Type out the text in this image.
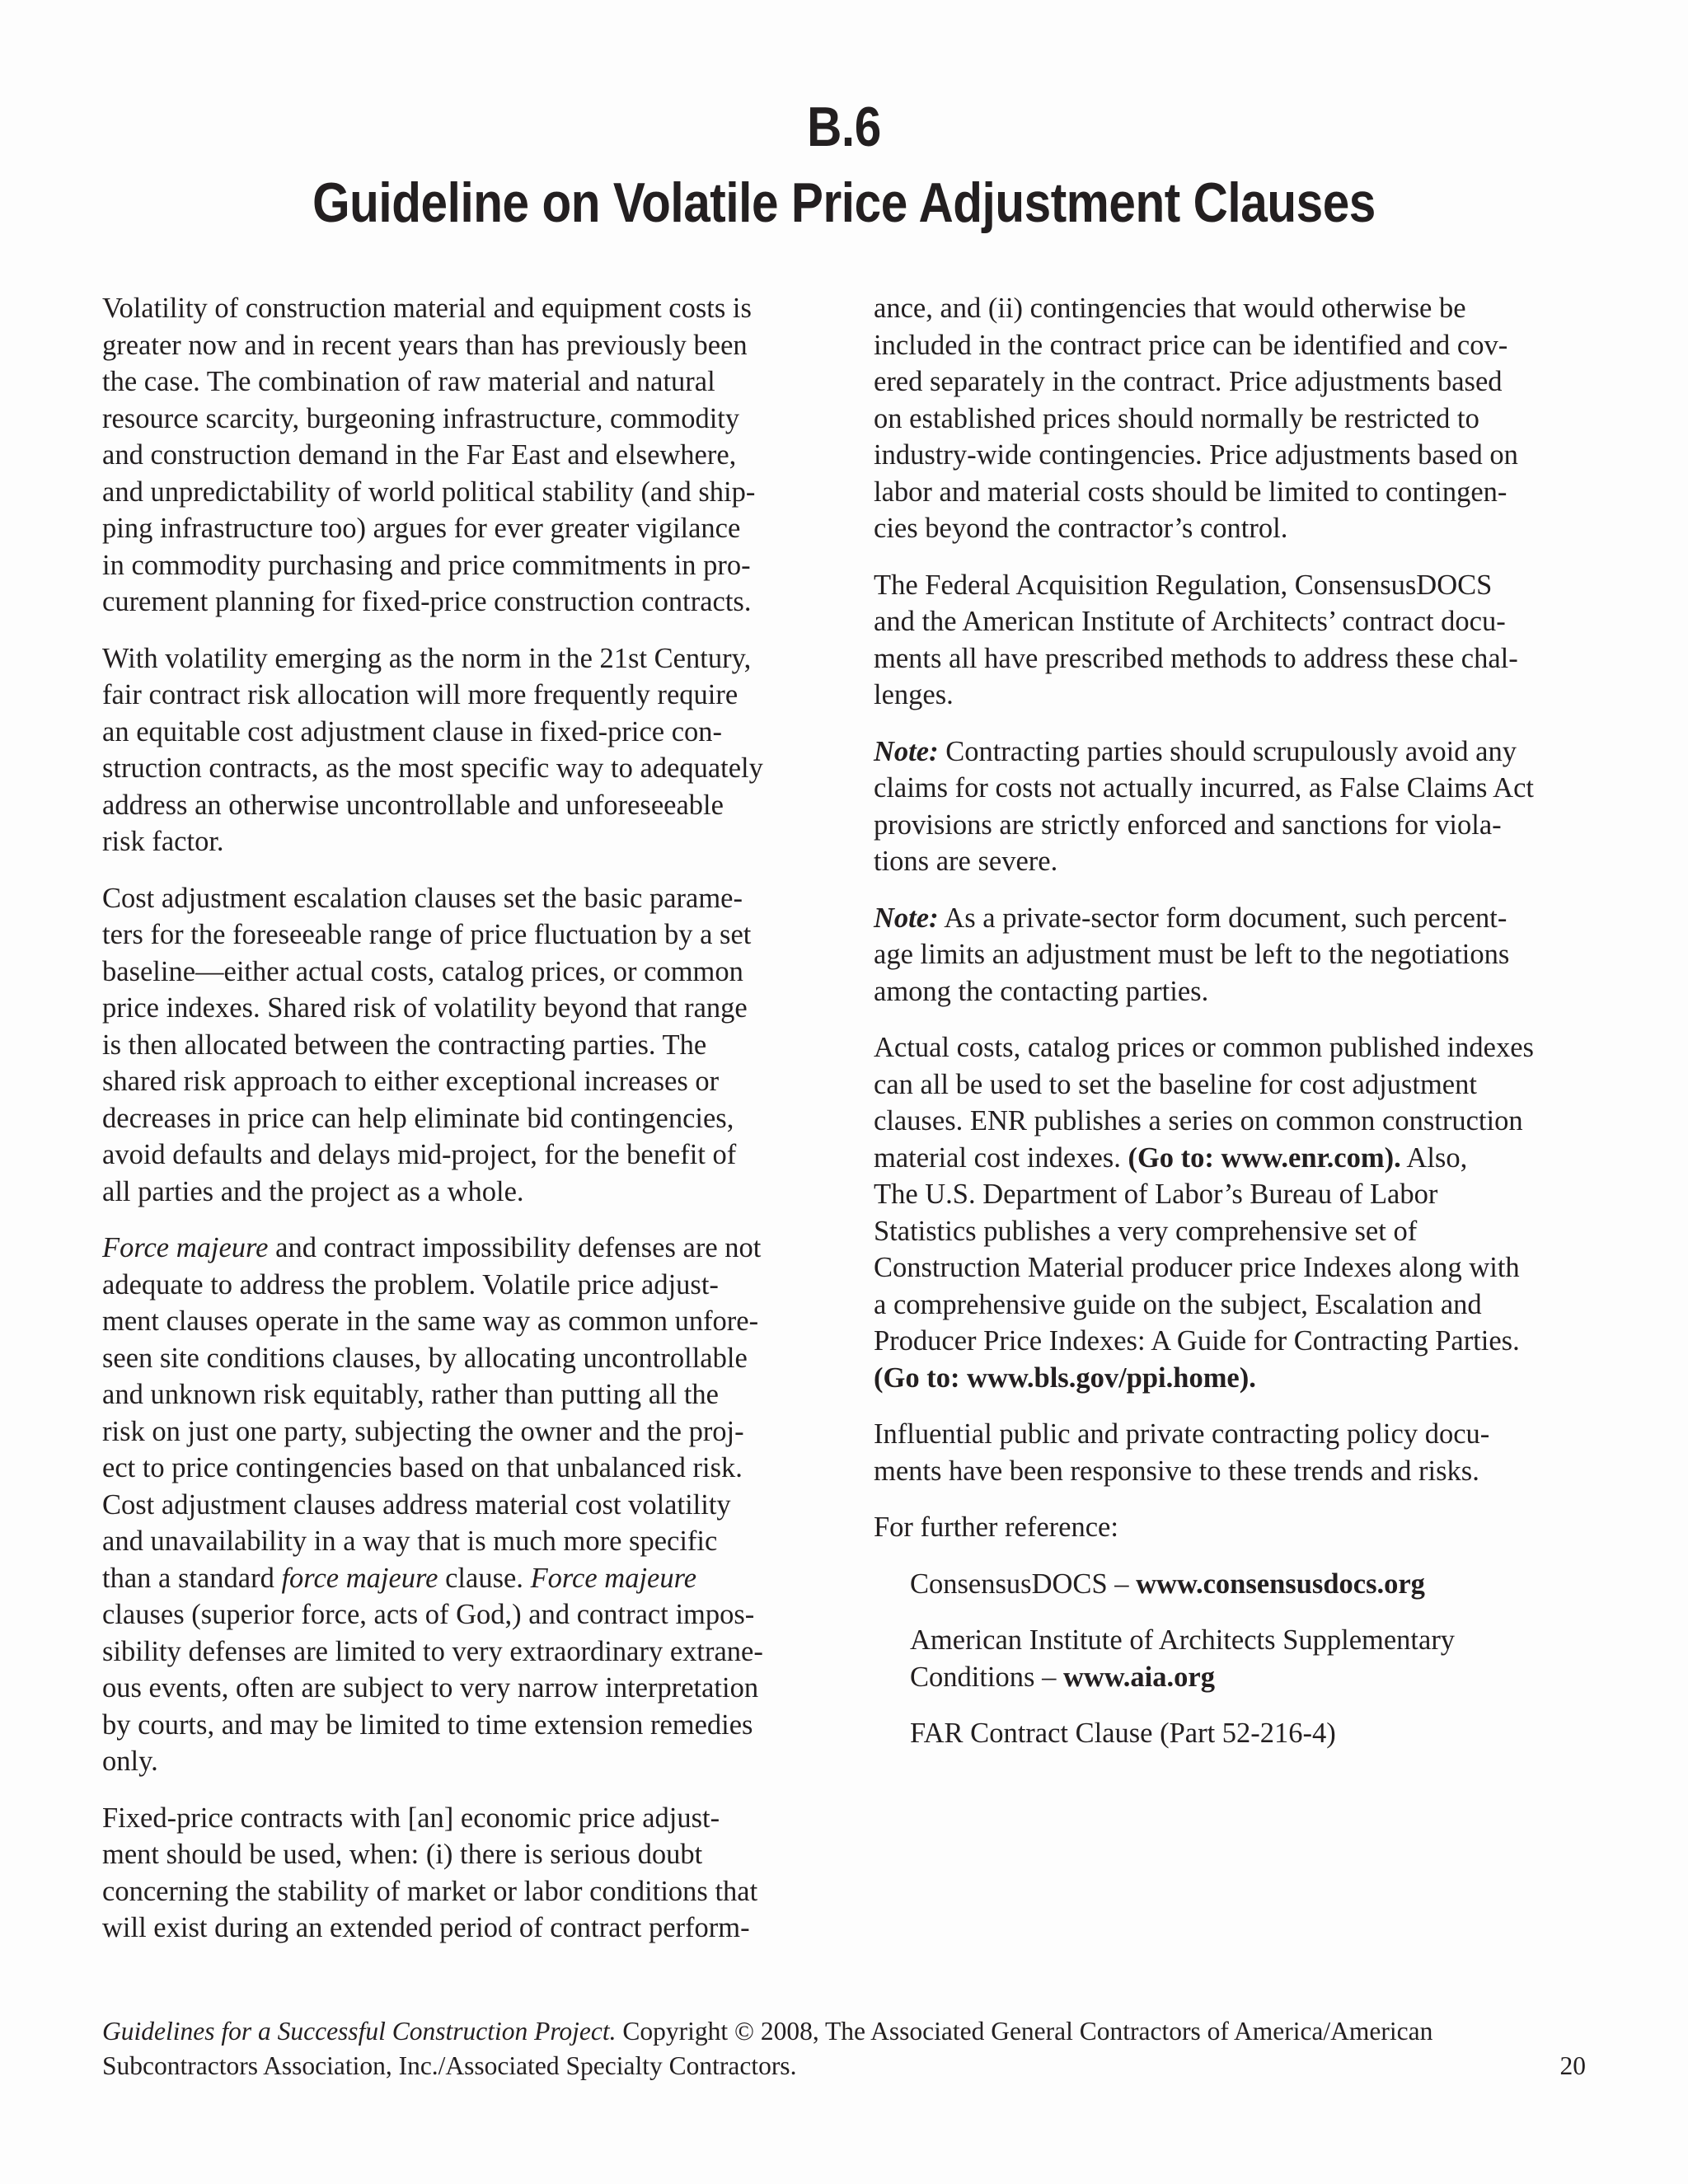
B.6
Guideline on Volatile Price Adjustment Clauses

Volatility of construction material and equipment costs is
greater now and in recent years than has previously been
the case. The combination of raw material and natural
resource scarcity, burgeoning infrastructure, commodity
and construction demand in the Far East and elsewhere,
and unpredictability of world political stability (and ship-
ping infrastructure too) argues for ever greater vigilance
in commodity purchasing and price commitments in pro-
curement planning for fixed-price construction contracts.

With volatility emerging as the norm in the 21st Century,
fair contract risk allocation will more frequently require
an equitable cost adjustment clause in fixed-price con-
struction contracts, as the most specific way to adequately
address an otherwise uncontrollable and unforeseeable
risk factor.

Cost adjustment escalation clauses set the basic parame-
ters for the foreseeable range of price fluctuation by a set
baseline—either actual costs, catalog prices, or common
price indexes. Shared risk of volatility beyond that range
is then allocated between the contracting parties. The
shared risk approach to either exceptional increases or
decreases in price can help eliminate bid contingencies,
avoid defaults and delays mid-project, for the benefit of
all parties and the project as a whole.

Force majeure and contract impossibility defenses are not
adequate to address the problem. Volatile price adjust-
ment clauses operate in the same way as common unfore-
seen site conditions clauses, by allocating uncontrollable
and unknown risk equitably, rather than putting all the
risk on just one party, subjecting the owner and the proj-
ect to price contingencies based on that unbalanced risk.
Cost adjustment clauses address material cost volatility
and unavailability in a way that is much more specific
than a standard force majeure clause. Force majeure
clauses (superior force, acts of God,) and contract impos-
sibility defenses are limited to very extraordinary extrane-
ous events, often are subject to very narrow interpretation
by courts, and may be limited to time extension remedies
only.

Fixed-price contracts with [an] economic price adjust-
ment should be used, when: (i) there is serious doubt
concerning the stability of market or labor conditions that
will exist during an extended period of contract perform-

ance, and (ii) contingencies that would otherwise be
included in the contract price can be identified and cov-
ered separately in the contract. Price adjustments based
on established prices should normally be restricted to
industry-wide contingencies. Price adjustments based on
labor and material costs should be limited to contingen-
cies beyond the contractor’s control.

The Federal Acquisition Regulation, ConsensusDOCS
and the American Institute of Architects’ contract docu-
ments all have prescribed methods to address these chal-
lenges.

Note: Contracting parties should scrupulously avoid any
claims for costs not actually incurred, as False Claims Act
provisions are strictly enforced and sanctions for viola-
tions are severe.

Note: As a private-sector form document, such percent-
age limits an adjustment must be left to the negotiations
among the contacting parties.

Actual costs, catalog prices or common published indexes
can all be used to set the baseline for cost adjustment
clauses. ENR publishes a series on common construction
material cost indexes. (Go to: www.enr.com). Also,
The U.S. Department of Labor’s Bureau of Labor
Statistics publishes a very comprehensive set of
Construction Material producer price Indexes along with
a comprehensive guide on the subject, Escalation and
Producer Price Indexes: A Guide for Contracting Parties.
(Go to: www.bls.gov/ppi.home).

Influential public and private contracting policy docu-
ments have been responsive to these trends and risks.

For further reference:

ConsensusDOCS – www.consensusdocs.org

American Institute of Architects Supplementary
Conditions – www.aia.org

FAR Contract Clause (Part 52-216-4)

Guidelines for a Successful Construction Project. Copyright © 2008, The Associated General Contractors of America/American
Subcontractors Association, Inc./Associated Specialty Contractors.	20
